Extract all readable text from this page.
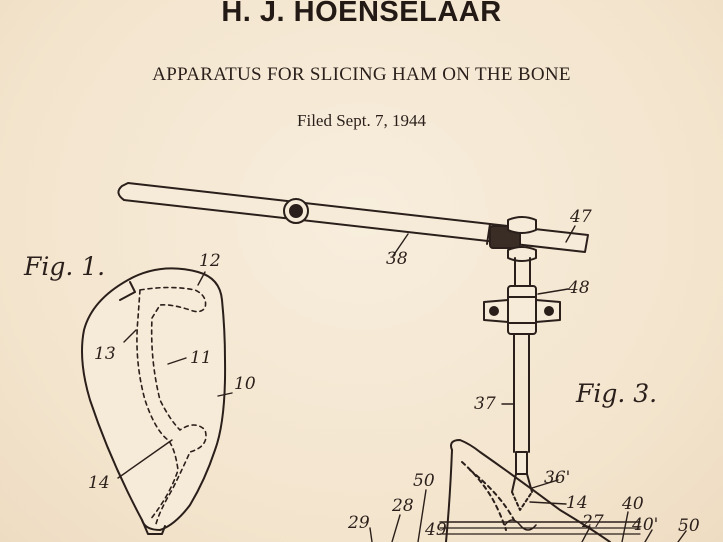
H. J. HOENSELAAR
APPARATUS FOR SLICING HAM ON THE BONE
Filed Sept. 7, 1944
Fig. 1.
Fig. 3.
12
13	11
10
14
38
47
48
37
36'
14
50
28
29	49	27
40
40' 50
